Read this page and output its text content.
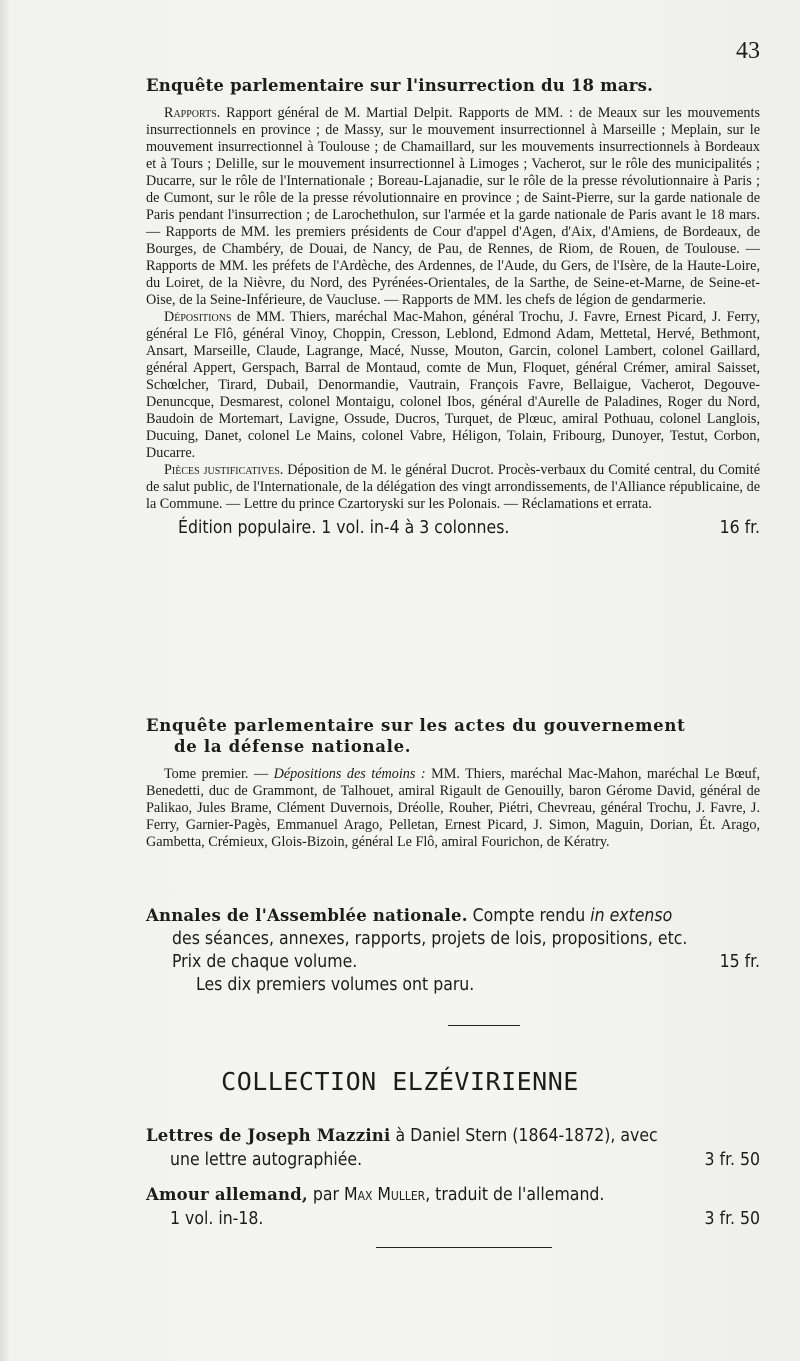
43
Enquête parlementaire sur l'insurrection du 18 mars.

Rapports. Rapport général de M. Martial Delpit. Rapports de MM. : de Meaux sur les mouvements insurrectionnels en province ; de Massy, sur le mouvement insurrectionnel à Marseille ; Meplain, sur le mouvement insurrectionnel à Toulouse ; de Chamaillard, sur les mouvements insurrectionnels à Bordeaux et à Tours ; Delille, sur le mouvement insurrectionnel à Limoges ; Vacherot, sur le rôle des municipalités ; Ducarre, sur le rôle de l'Internationale ; Boreau-Lajanadie, sur le rôle de la presse révolutionnaire à Paris ; de Cumont, sur le rôle de la presse révolutionnaire en province ; de Saint-Pierre, sur la garde nationale de Paris pendant l'insurrection ; de Larochethulon, sur l'armée et la garde nationale de Paris avant le 18 mars. — Rapports de MM. les premiers présidents de Cour d'appel d'Agen, d'Aix, d'Amiens, de Bordeaux, de Bourges, de Chambéry, de Douai, de Nancy, de Pau, de Rennes, de Riom, de Rouen, de Toulouse. — Rapports de MM. les préfets de l'Ardèche, des Ardennes, de l'Aude, du Gers, de l'Isère, de la Haute-Loire, du Loiret, de la Nièvre, du Nord, des Pyrénées-Orientales, de la Sarthe, de Seine-et-Marne, de Seine-et-Oise, de la Seine-Inférieure, de Vaucluse. — Rapports de MM. les chefs de légion de gendarmerie.

Dépositions de MM. Thiers, maréchal Mac-Mahon, général Trochu, J. Favre, Ernest Picard, J. Ferry, général Le Flô, général Vinoy, Choppin, Cresson, Leblond, Edmond Adam, Mettetal, Hervé, Bethmont, Ansart, Marseille, Claude, Lagrange, Macé, Nusse, Mouton, Garcin, colonel Lambert, colonel Gaillard, général Appert, Gerspach, Barral de Montaud, comte de Mun, Floquet, général Crémer, amiral Saisset, Schœlcher, Tirard, Dubail, Denormandie, Vautrain, François Favre, Bellaigue, Vacherot, Degouve-Denuncque, Desmarest, colonel Montaigu, colonel Ibos, général d'Aurelle de Paladines, Roger du Nord, Baudoin de Mortemart, Lavigne, Ossude, Ducros, Turquet, de Plœuc, amiral Pothuau, colonel Langlois, Ducuing, Danet, colonel Le Mains, colonel Vabre, Héligon, Tolain, Fribourg, Dunoyer, Testut, Corbon, Ducarre.

Pièces justificatives. Déposition de M. le général Ducrot. Procès-verbaux du Comité central, du Comité de salut public, de l'Internationale, de la délégation des vingt arrondissements, de l'Alliance républicaine, de la Commune. — Lettre du prince Czartoryski sur les Polonais. — Réclamations et errata.

Édition populaire. 1 vol. in-4 à 3 colonnes.	16 fr.
Enquête parlementaire sur les actes du gouvernement
de la défense nationale.

Tome premier. — Dépositions des témoins : MM. Thiers, maréchal Mac-Mahon, maréchal Le Bœuf, Benedetti, duc de Grammont, de Talhouet, amiral Rigault de Genouilly, baron Gérome David, général de Palikao, Jules Brame, Clément Duvernois, Dréolle, Rouher, Piétri, Chevreau, général Trochu, J. Favre, J. Ferry, Garnier-Pagès, Emmanuel Arago, Pelletan, Ernest Picard, J. Simon, Maguin, Dorian, Ét. Arago, Gambetta, Crémieux, Glois-Bizoin, général Le Flô, amiral Fourichon, de Kératry.

Annales de l'Assemblée nationale. Compte rendu in extenso
des séances, annexes, rapports, projets de lois, propositions, etc.
Prix de chaque volume.	15 fr.
Les dix premiers volumes ont paru.
COLLECTION ELZÉVIRIENNE
Lettres de Joseph Mazzini à Daniel Stern (1864-1872), avec
une lettre autographiée.	3 fr. 50
Amour allemand, par Max Muller, traduit de l'allemand.
1 vol. in-18.	3 fr. 50
